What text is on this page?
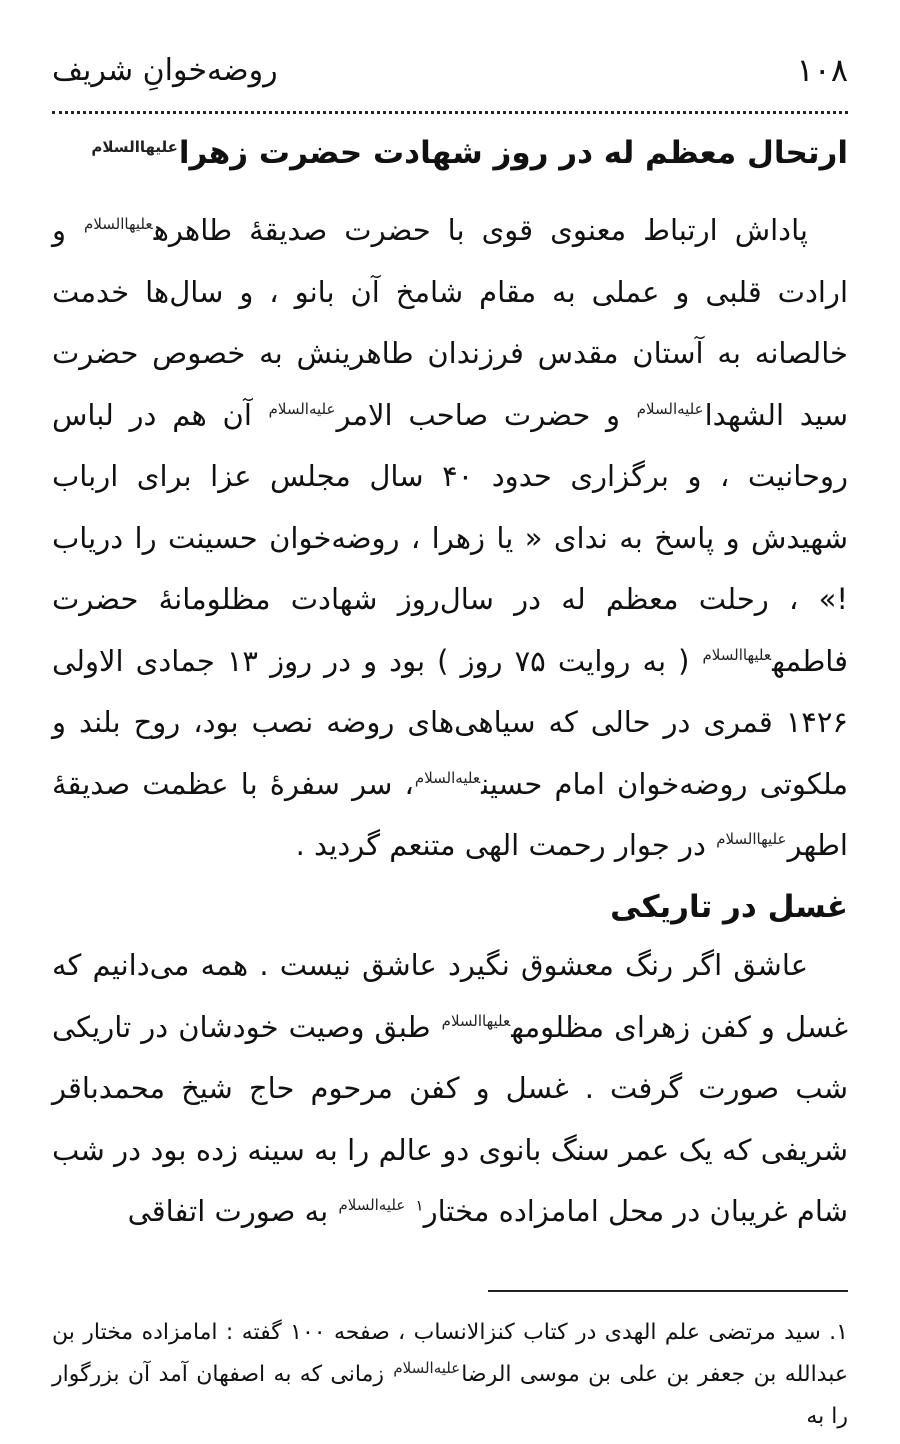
۱۰۸
روضه‌خوانِ شریف
ارتحال معظم له در روز شهادت حضرت زهرا$^{علیهاالسلام}$

پاداش ارتباط معنوی قوی با حضرت صدیقهٔ طاهره$^{علیهاالسلام}$ و ارادت قلبی و عملی به مقام شامخ آن بانو ، و سال‌ها خدمت خالصانه به آستان مقدس فرزندان طاهرینش به خصوص حضرت سید الشهدا$^{علیه‌السلام}$ و حضرت صاحب الامر$^{علیه‌السلام}$ آن هم در لباس روحانیت ، و برگزاری حدود ۴۰ سال مجلس عزا برای ارباب شهیدش و پاسخ به ندای « یا زهرا ، روضه‌خوان حسینت را دریاب !» ، رحلت معظم له در سال‌روز شهادت مظلومانهٔ حضرت فاطمه$^{علیهاالسلام}$ ( به روایت ۷۵ روز ) بود و در روز ۱۳ جمادی الاولی ۱۴۲۶ قمری در حالی که سیاهی‌های روضه نصب بود، روح بلند و ملکوتی روضه‌خوان امام حسین$^{علیه‌السلام}$، سر سفرهٔ با عظمت صدیقهٔ اطهر$^{علیهاالسلام}$ در جوار رحمت الهی متنعم گردید .

غسل در تاریکی

عاشق اگر رنگ معشوق نگیرد عاشق نیست . همه می‌دانیم که غسل و کفن زهرای مظلومه$^{علیهاالسلام}$ طبق وصیت خودشان در تاریکی شب صورت گرفت . غسل و کفن مرحوم حاج شیخ محمدباقر شریفی که یک عمر سنگ بانوی دو عالم را به سینه زده بود در شب شام غریبان در محل امامزاده مختار$^۱$ $^{علیه‌السلام}$ به صورت اتفاقی

۱. سید مرتضی علم الهدی در کتاب کنزالانساب ، صفحه ۱۰۰ گفته : امامزاده مختار بن عبدالله بن جعفر بن علی بن موسی الرضا$^{علیه‌السلام}$ زمانی که به اصفهان آمد آن بزرگوار را به
